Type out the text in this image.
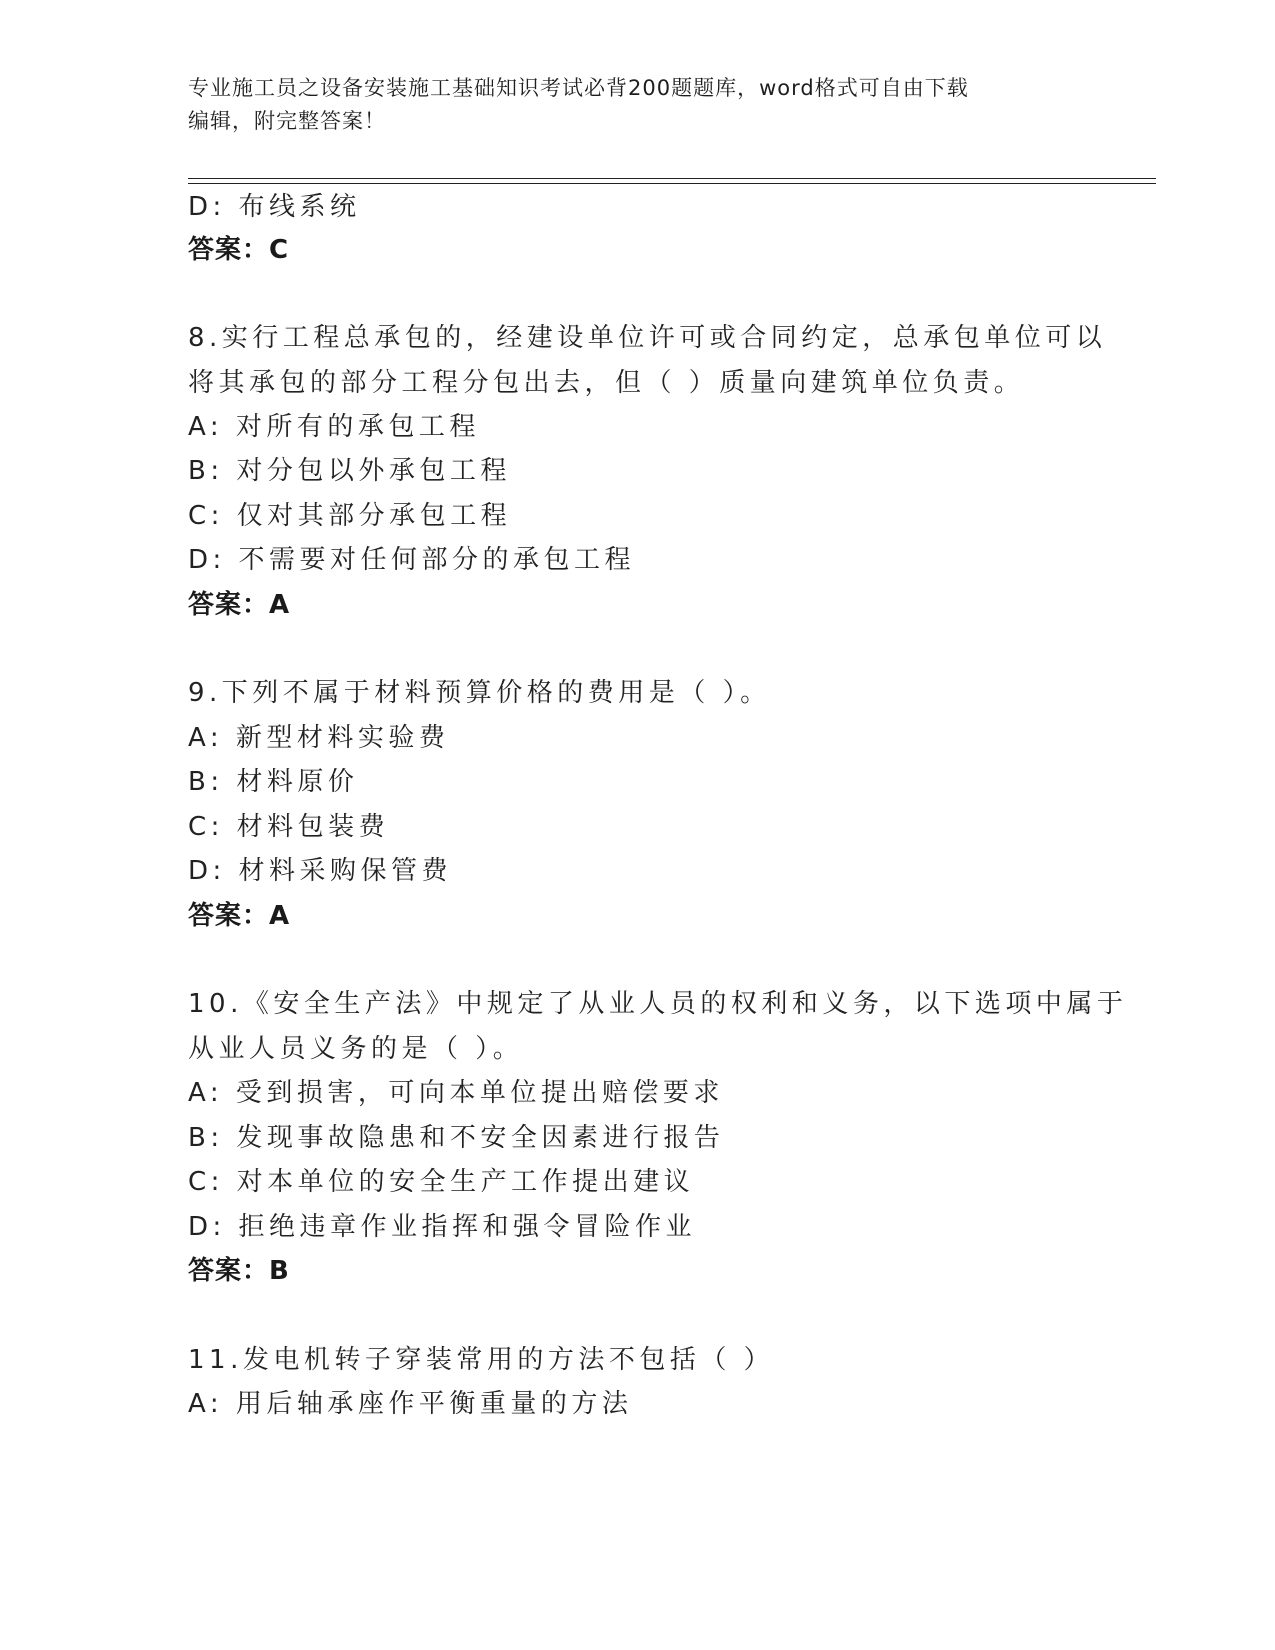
专业施工员之设备安装施工基础知识考试必背200题题库，word格式可自由下载
编辑，附完整答案！
D: 布线系统
答案：C
8.实行工程总承包的，经建设单位许可或合同约定，总承包单位可以
将其承包的部分工程分包出去，但（ ）质量向建筑单位负责。
A: 对所有的承包工程
B: 对分包以外承包工程
C: 仅对其部分承包工程
D: 不需要对任何部分的承包工程
答案：A
9.下列不属于材料预算价格的费用是（ ）。
A: 新型材料实验费
B: 材料原价
C: 材料包装费
D: 材料采购保管费
答案：A
10.《安全生产法》中规定了从业人员的权利和义务，以下选项中属于
从业人员义务的是（ ）。
A: 受到损害，可向本单位提出赔偿要求
B: 发现事故隐患和不安全因素进行报告
C: 对本单位的安全生产工作提出建议
D: 拒绝违章作业指挥和强令冒险作业
答案：B
11.发电机转子穿装常用的方法不包括（ ）
A: 用后轴承座作平衡重量的方法
